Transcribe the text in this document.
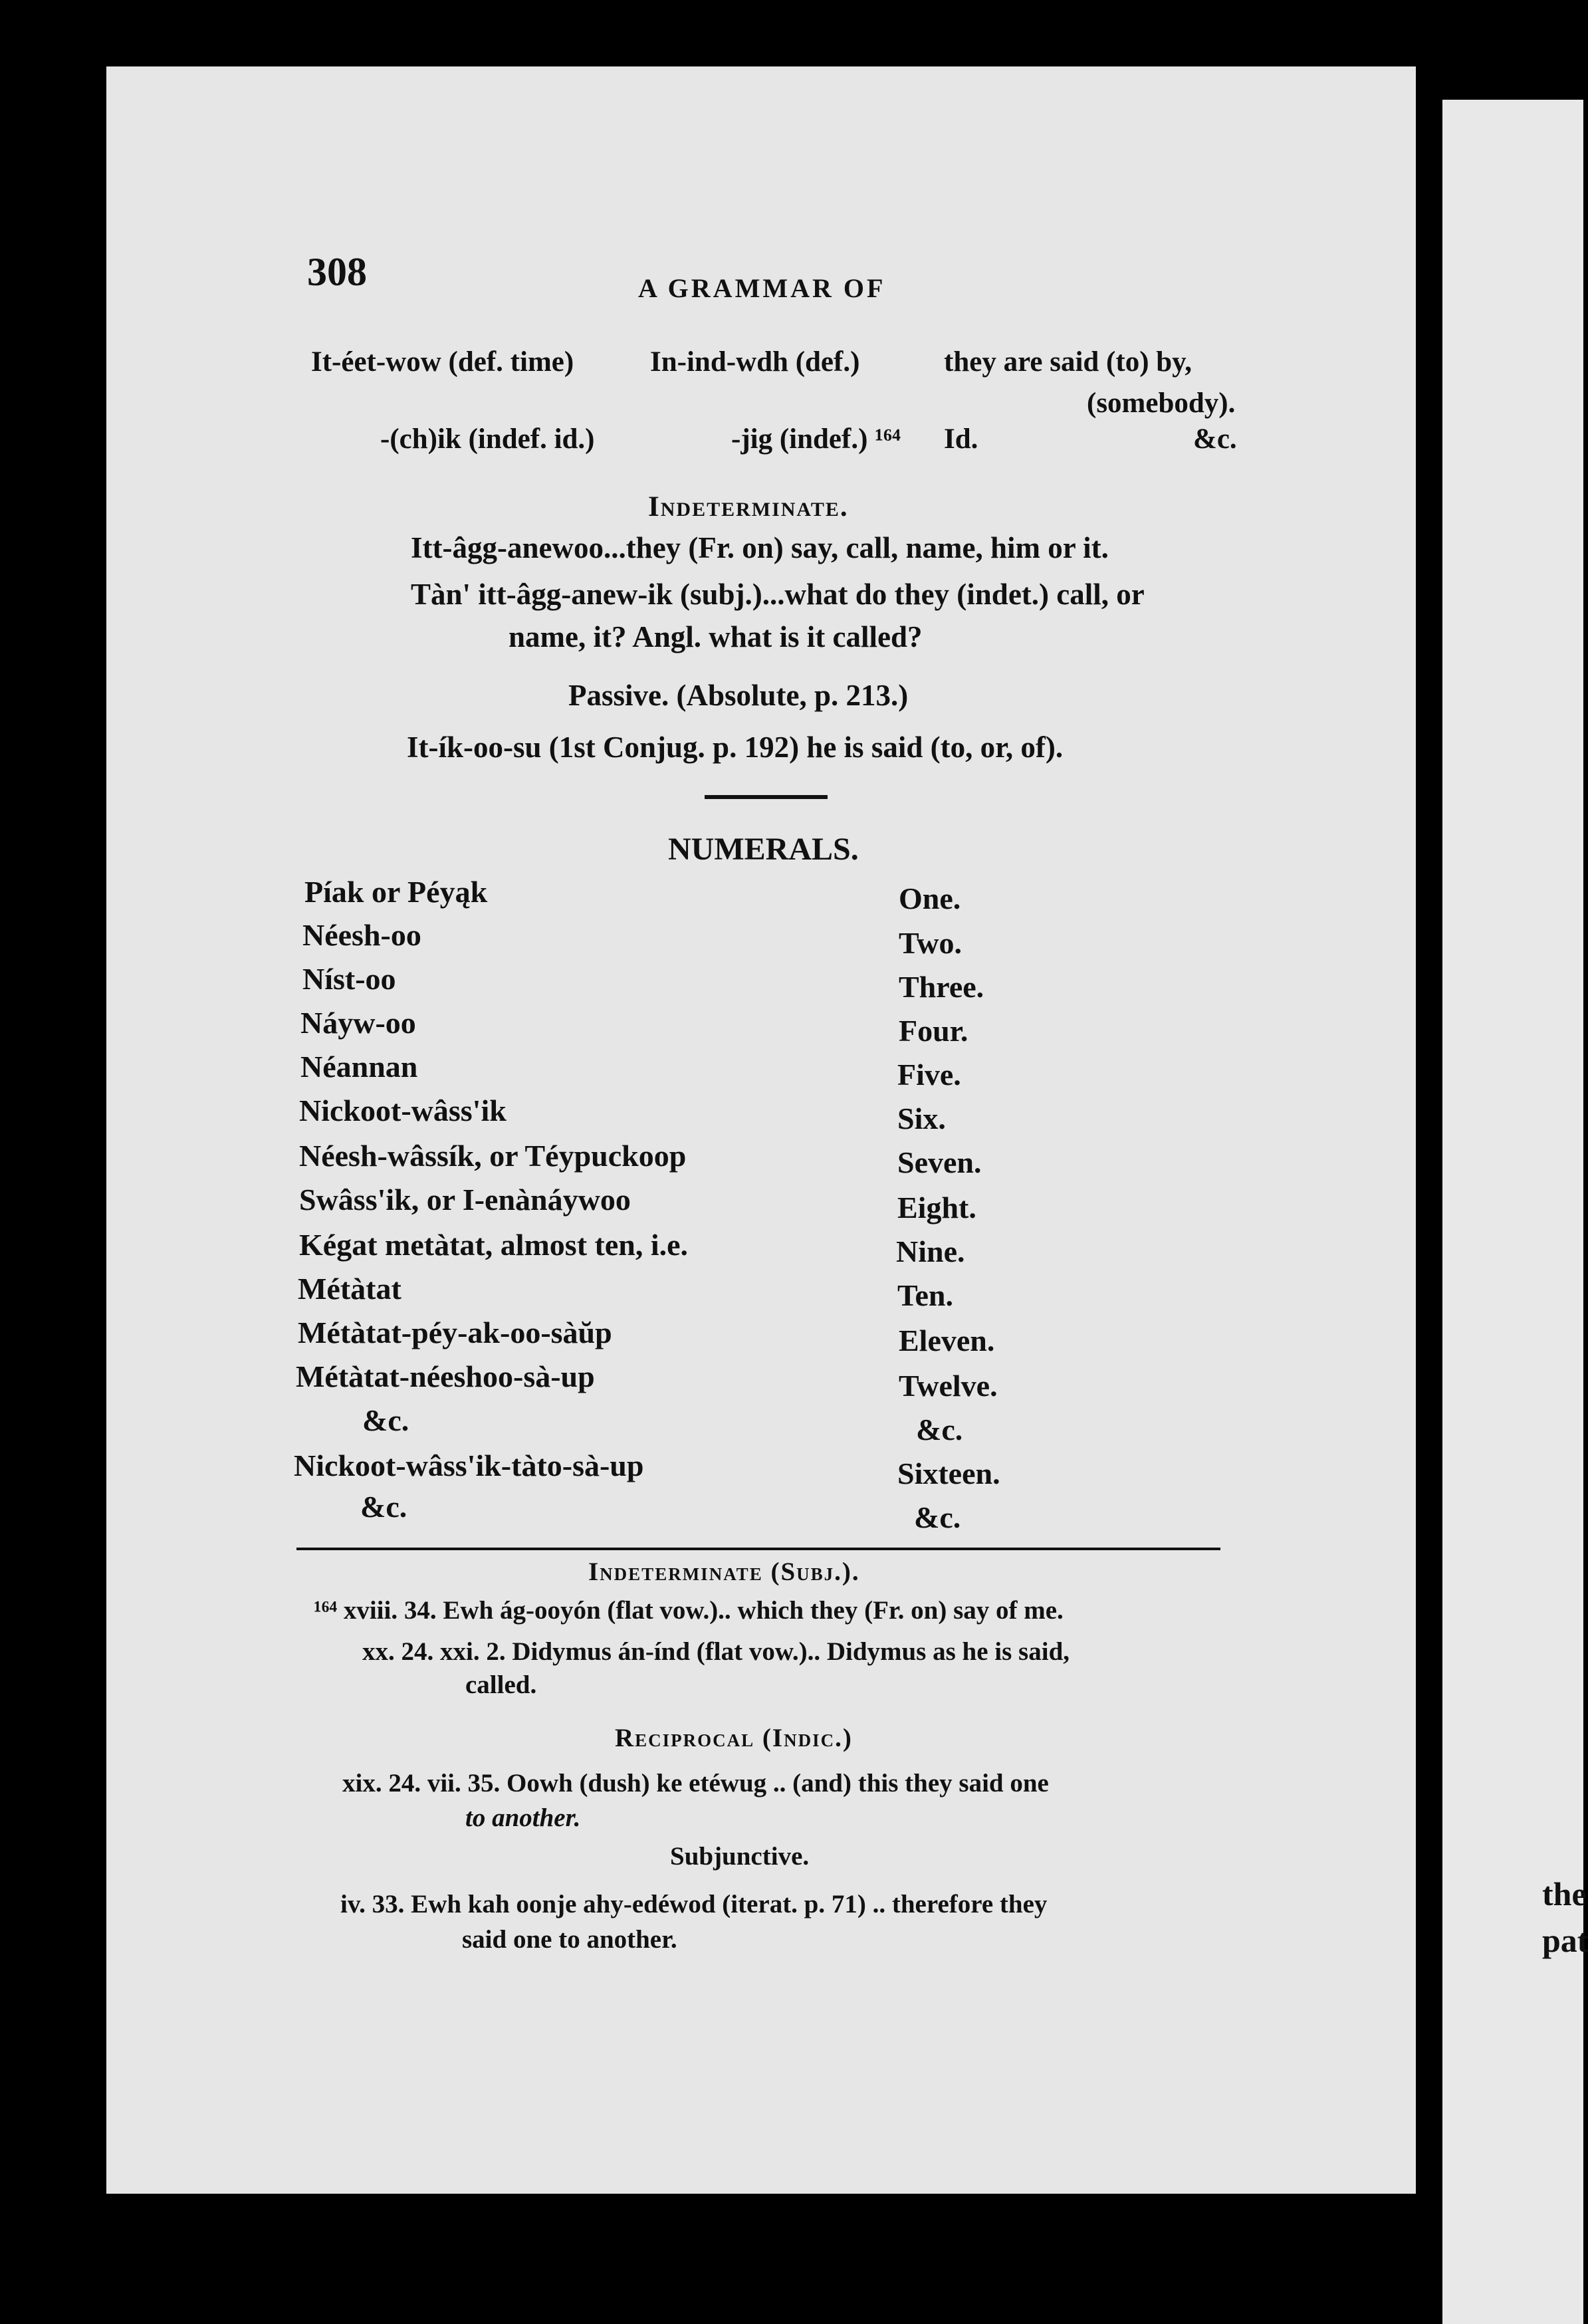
the
pat
308	A GRAMMAR OF
It-éet-wow (def. time)	In-ind-wdh (def.)	they are said (to) by,
(somebody).
-(ch)ik (indef. id.)	-jig (indef.) ¹⁶⁴ Id.	&c.
Indeterminate.
Itt-âgg-anewoo...they (Fr. on) say, call, name, him or it.
Tàn' itt-âgg-anew-ik (subj.)...what do they (indet.) call, or
name, it? Angl. what is it called?
Passive. (Absolute, p. 213.)
It-ík-oo-su (1st Conjug. p. 192) he is said (to, or, of).
NUMERALS.
Píak or Péyąk	One.
Néesh-oo	Two.
Níst-oo	Three.
Náyw-oo	Four.
Néannan	Five.
Nickoot-wâss'ik	Six.
Néesh-wâssík, or Téypuckoop	Seven.
Swâss'ik, or I-enànáywoo	Eight.
Kégat metàtat, almost ten, i.e.	Nine.
Métàtat	Ten.
Métàtat-péy-ak-oo-sàŭp	Eleven.
Métàtat-néeshoo-sà-up	Twelve.
&c.	&c.
Nickoot-wâss'ik-tàto-sà-up	Sixteen.
&c.	&c.
Indeterminate (Subj.).
¹⁶⁴ xviii. 34. Ewh ág-ooyón (flat vow.).. which they (Fr. on) say of me.
xx. 24. xxi. 2. Didymus án-índ (flat vow.).. Didymus as he is said,
called.
Reciprocal (Indic.)
xix. 24. vii. 35. Oowh (dush) ke etéwug .. (and) this they said one
to another.
Subjunctive.
iv. 33. Ewh kah oonje ahy-edéwod (iterat. p. 71) .. therefore they
said one to another.
